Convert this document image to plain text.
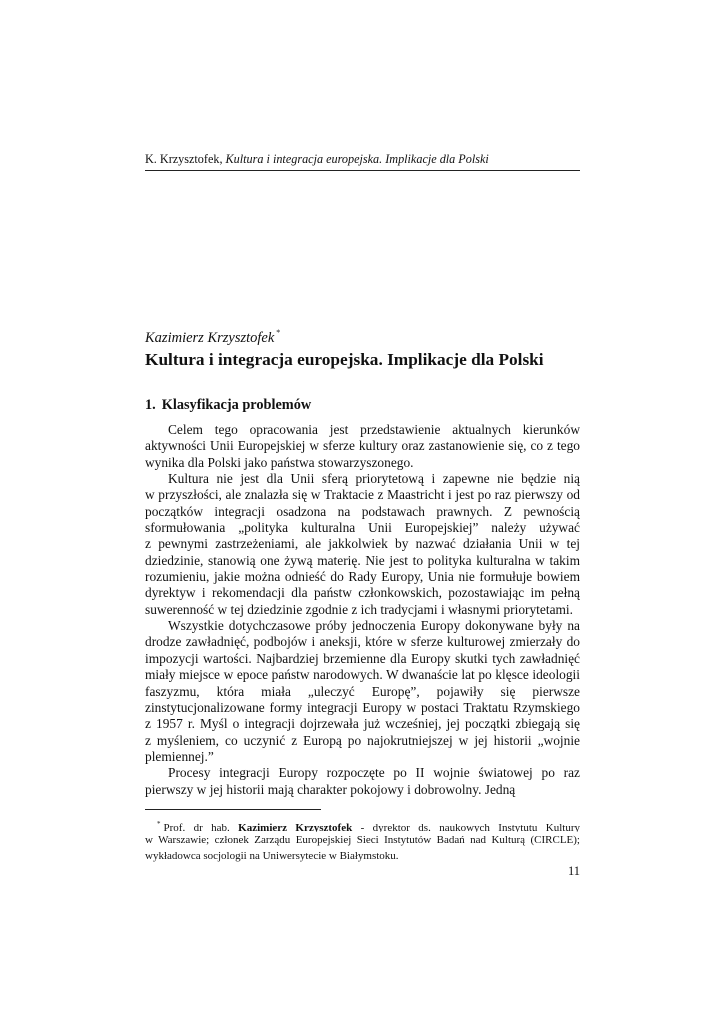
K. Krzysztofek, Kultura i integracja europejska. Implikacje dla Polski
Kazimierz Krzysztofek *
Kultura i integracja europejska. Implikacje dla Polski
1. Klasyfikacja problemów
Celem tego opracowania jest przedstawienie aktualnych kierunków
aktywności Unii Europejskiej w sferze kultury oraz zastanowienie się, co z tego
wynika dla Polski jako państwa stowarzyszonego.
Kultura nie jest dla Unii sferą priorytetową i zapewne nie będzie nią
w przyszłości, ale znalazła się w Traktacie z Maastricht i jest po raz pierwszy od
początków integracji osadzona na podstawach prawnych. Z pewnością
sformułowania „polityka kulturalna Unii Europejskiej” należy używać
z pewnymi zastrzeżeniami, ale jakkolwiek by nazwać działania Unii w tej
dziedzinie, stanowią one żywą materię. Nie jest to polityka kulturalna w takim
rozumieniu, jakie można odnieść do Rady Europy, Unia nie formułuje bowiem
dyrektyw i rekomendacji dla państw członkowskich, pozostawiając im pełną
suwerenność w tej dziedzinie zgodnie z ich tradycjami i własnymi priorytetami.
Wszystkie dotychczasowe próby jednoczenia Europy dokonywane były na
drodze zawładnięć, podbojów i aneksji, które w sferze kulturowej zmierzały do
impozycji wartości. Najbardziej brzemienne dla Europy skutki tych zawładnięć
miały miejsce w epoce państw narodowych. W dwanaście lat po klęsce ideologii
faszyzmu, która miała „uleczyć Europę”, pojawiły się pierwsze
zinstytucjonalizowane formy integracji Europy w postaci Traktatu Rzymskiego
z 1957 r. Myśl o integracji dojrzewała już wcześniej, jej początki zbiegają się
z myśleniem, co uczynić z Europą po najokrutniejszej w jej historii „wojnie
plemiennej.”
Procesy integracji Europy rozpoczęte po II wojnie światowej po raz
pierwszy w jej historii mają charakter pokojowy i dobrowolny. Jedną
* Prof. dr hab. Kazimierz Krzysztofek - dyrektor ds. naukowych Instytutu Kultury
w Warszawie; członek Zarządu Europejskiej Sieci Instytutów Badań nad Kulturą (CIRCLE);
wykładowca socjologii na Uniwersytecie w Białymstoku.
11
